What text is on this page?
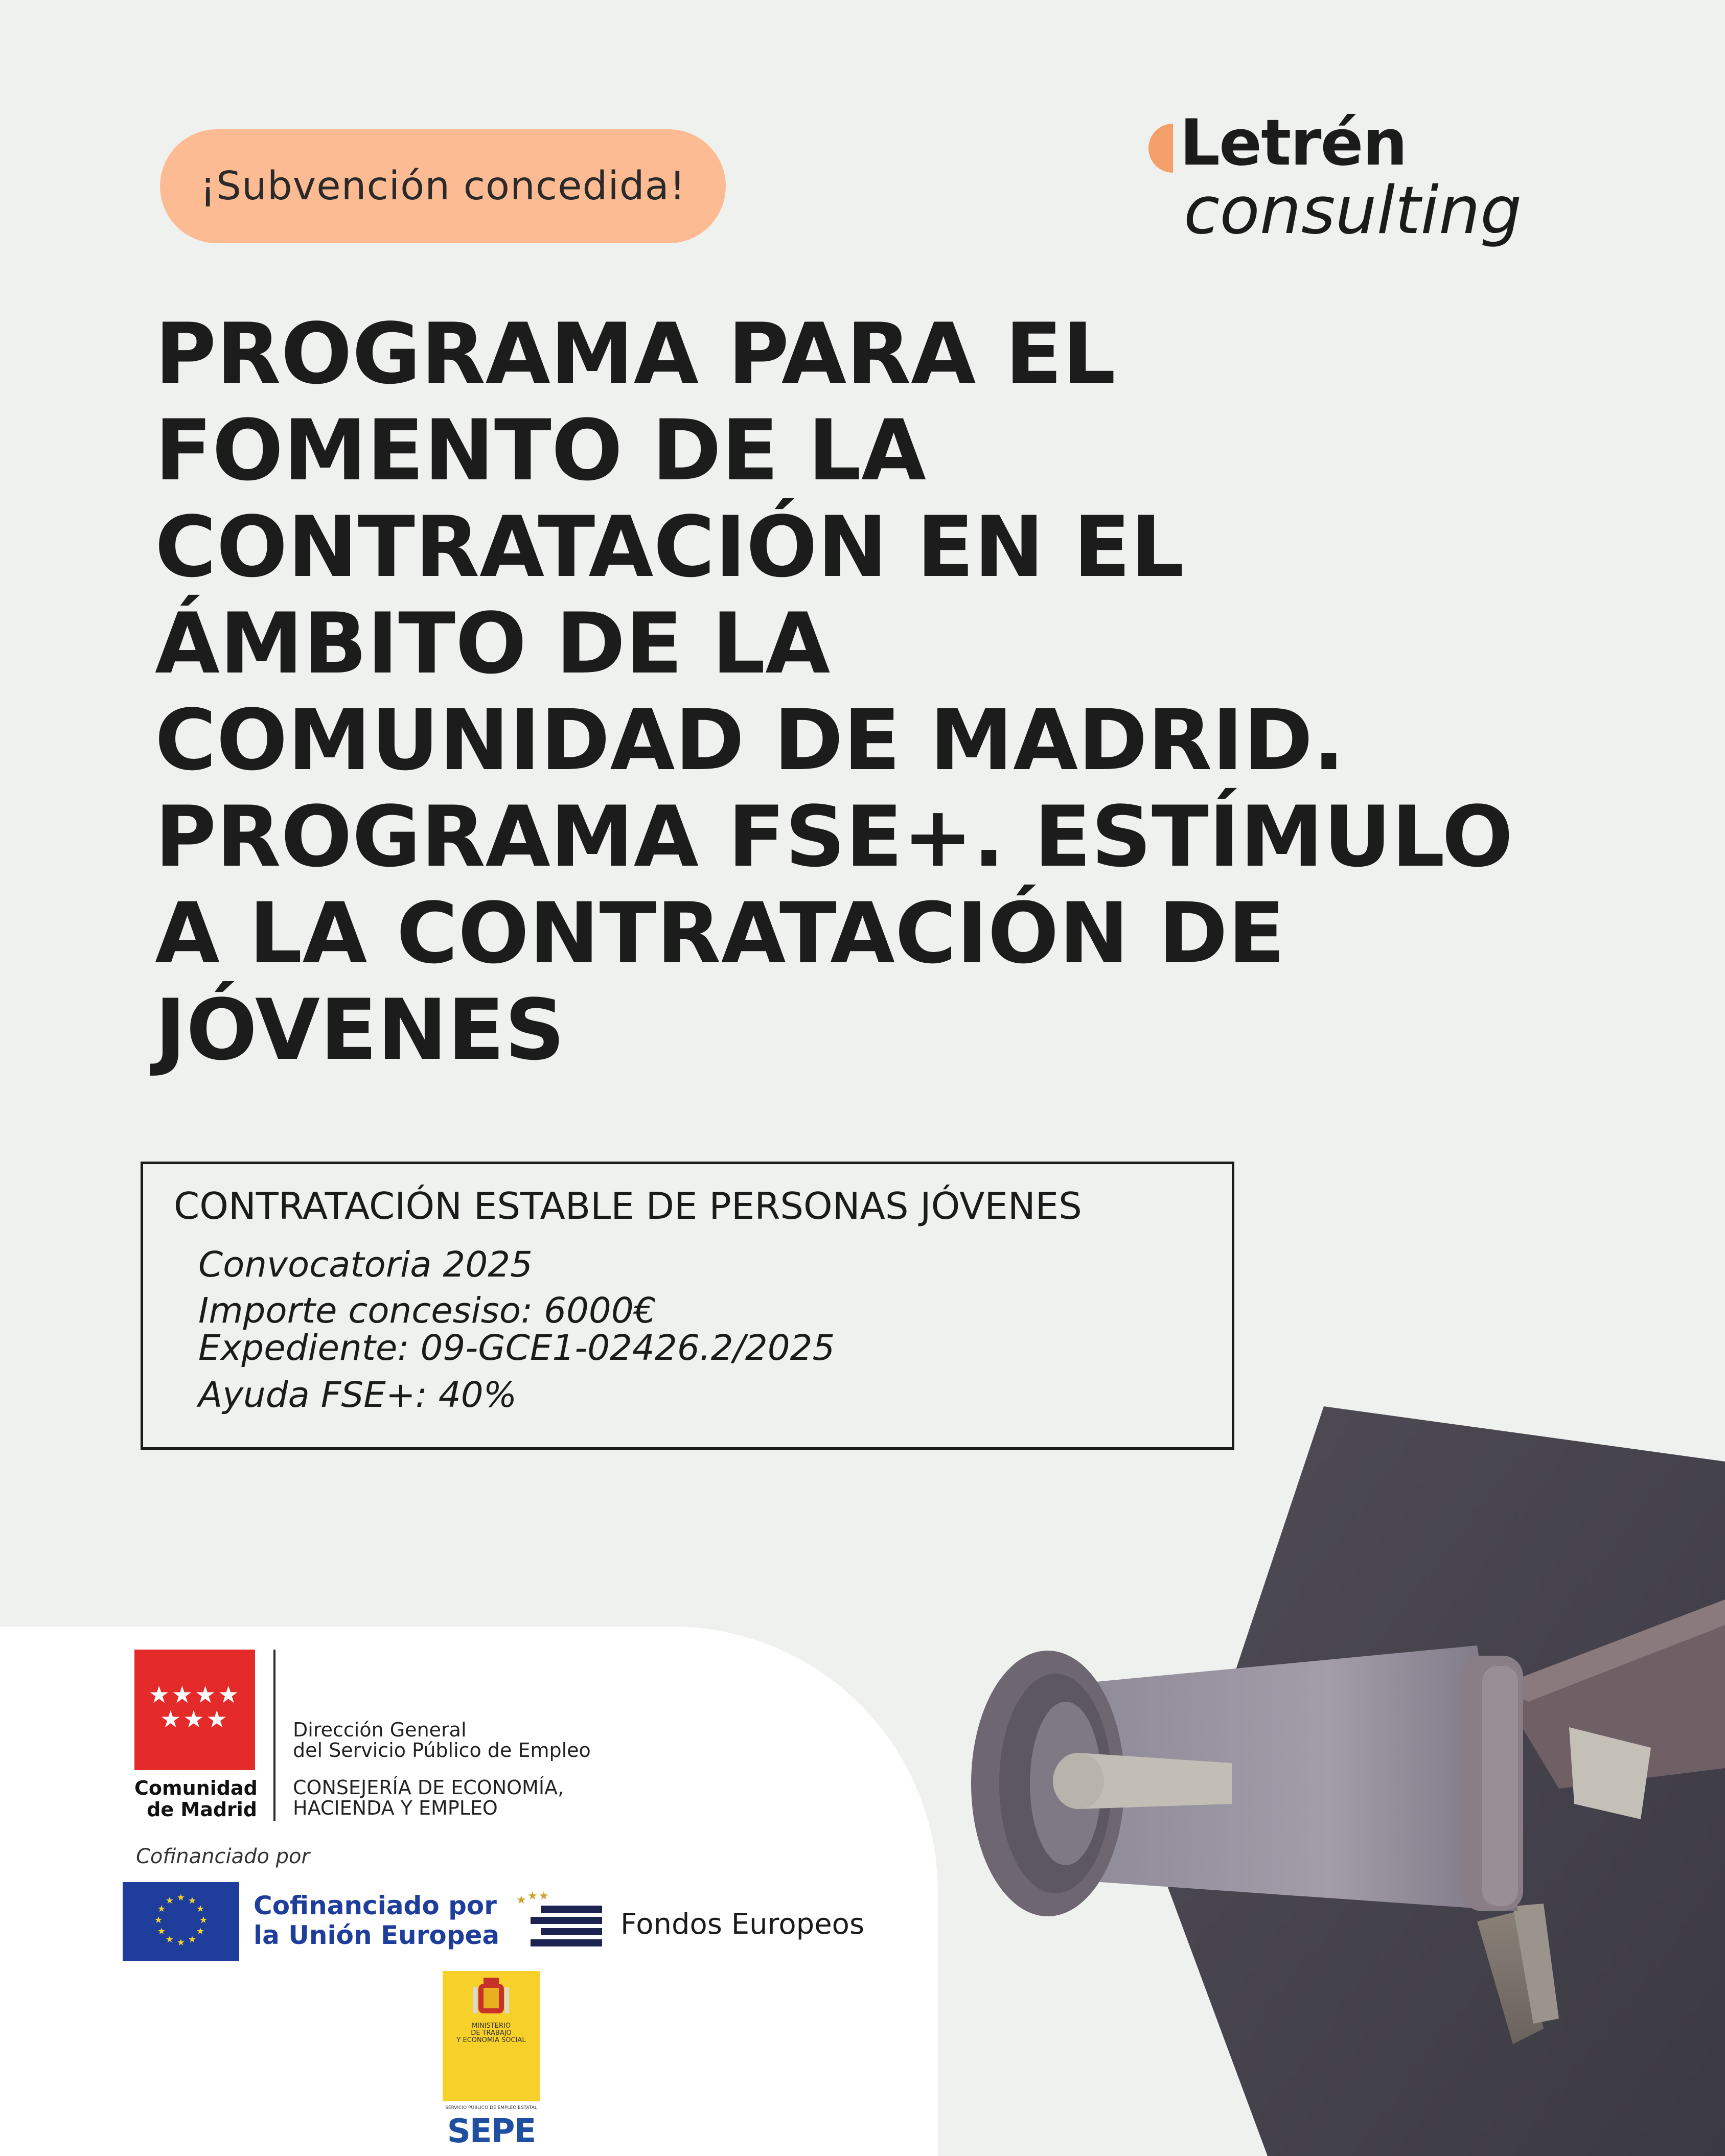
¡Subvención concedida!
Letrén
consulting
PROGRAMA PARA EL
FOMENTO DE LA
CONTRATACIÓN EN EL
ÁMBITO DE LA
COMUNIDAD DE MADRID.
PROGRAMA FSE+. ESTÍMULO
A LA CONTRATACIÓN DE
JÓVENES
CONTRATACIÓN ESTABLE DE PERSONAS JÓVENES
Convocatoria 2025
Importe concesiso: 6000€
Expediente: 09-GCE1-02426.2/2025
Ayuda FSE+: 40%
★★★★
★★★
Comunidad
de Madrid
Dirección General
del Servicio Público de Empleo
CONSEJERÍA DE ECONOMÍA,
HACIENDA Y EMPLEO
Cofinanciado por
★ ★
★
★
★
★
★
★
★
★
★
★	Cofinanciado por
la Unión Europea
★ ★ ★
Fondos Europeos
MINISTERIO
DE TRABAJO
Y ECONOMÍA SOCIAL
SERVICIO PÚBLICO DE EMPLEO ESTATAL
SEPE
